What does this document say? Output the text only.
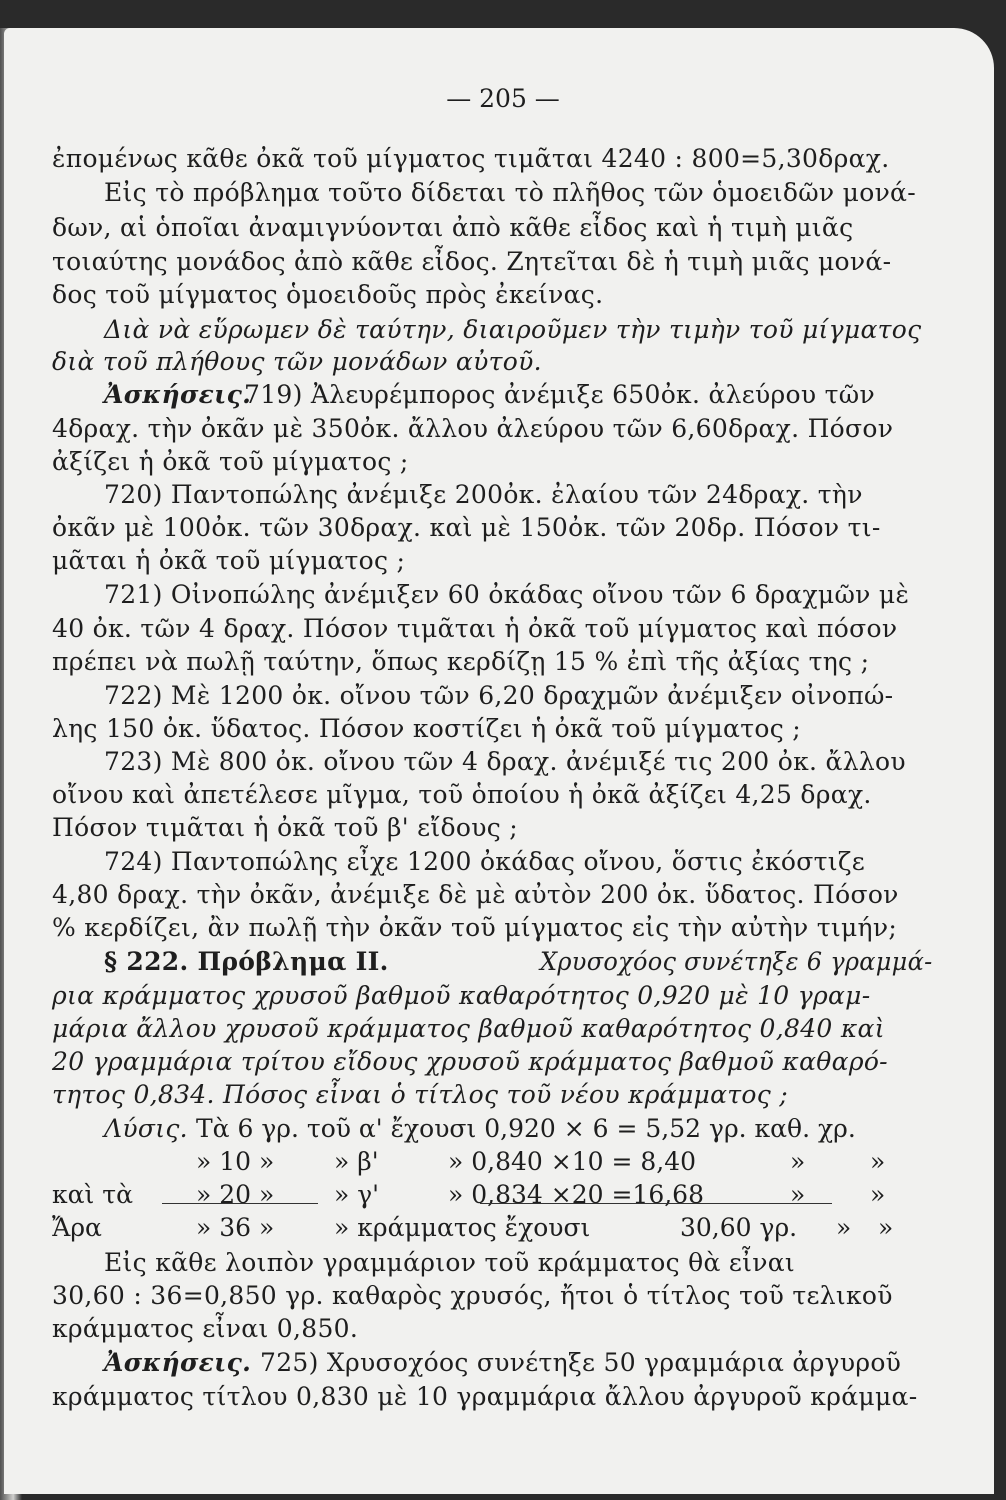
— 205 —
ἐπομένως κᾶθε ὀκᾶ τοῦ μίγματος τιμᾶται 4240 : 800=5,30δραχ.
Εἰς τὸ πρόβλημα τοῦτο δίδεται τὸ πλῆθος τῶν ὁμοειδῶν μονά-
δων, αἱ ὁποῖαι ἀναμιγνύονται ἀπὸ κᾶθε εἶδος καὶ ἡ τιμὴ μιᾶς
τοιαύτης μονάδος ἀπὸ κᾶθε εἶδος. Ζητεῖται δὲ ἡ τιμὴ μιᾶς μονά-
δος τοῦ μίγματος ὁμοειδοῦς πρὸς ἐκείνας.
Διὰ νὰ εὕρωμεν δὲ ταύτην, διαιροῦμεν τὴν τιμὴν τοῦ μίγματος
διὰ τοῦ πλήθους τῶν μονάδων αὐτοῦ.
Ἀσκήσεις.
719) Ἀλευρέμπορος ἀνέμιξε 650ὀκ. ἀλεύρου τῶν
4δραχ. τὴν ὀκᾶν μὲ 350ὀκ. ἄλλου ἀλεύρου τῶν 6,60δραχ. Πόσον
ἀξίζει ἡ ὀκᾶ τοῦ μίγματος ;
720) Παντοπώλης ἀνέμιξε 200ὀκ. ἐλαίου τῶν 24δραχ. τὴν
ὀκᾶν μὲ 100ὀκ. τῶν 30δραχ. καὶ μὲ 150ὀκ. τῶν 20δρ. Πόσον τι-
μᾶται ἡ ὀκᾶ τοῦ μίγματος ;
721) Οἰνοπώλης ἀνέμιξεν 60 ὀκάδας οἴνου τῶν 6 δραχμῶν μὲ
40 ὀκ. τῶν 4 δραχ. Πόσον τιμᾶται ἡ ὀκᾶ τοῦ μίγματος καὶ πόσον
πρέπει νὰ πωλῇ ταύτην, ὅπως κερδίζῃ 15 % ἐπὶ τῆς ἀξίας της ;
722) Μὲ 1200 ὀκ. οἴνου τῶν 6,20 δραχμῶν ἀνέμιξεν οἰνοπώ-
λης 150 ὀκ. ὕδατος. Πόσον κοστίζει ἡ ὀκᾶ τοῦ μίγματος ;
723) Μὲ 800 ὀκ. οἴνου τῶν 4 δραχ. ἀνέμιξέ τις 200 ὀκ. ἄλλου
οἴνου καὶ ἀπετέλεσε μῖγμα, τοῦ ὁποίου ἡ ὀκᾶ ἀξίζει 4,25 δραχ.
Πόσον τιμᾶται ἡ ὀκᾶ τοῦ β' εἴδους ;
724) Παντοπώλης εἶχε 1200 ὀκάδας οἴνου, ὅστις ἐκόστιζε
4,80 δραχ. τὴν ὀκᾶν, ἀνέμιξε δὲ μὲ αὐτὸν 200 ὀκ. ὕδατος. Πόσον
% κερδίζει, ἂν πωλῇ τὴν ὀκᾶν τοῦ μίγματος εἰς τὴν αὐτὴν τιμήν;
§ 222. Πρόβλημα II.	Χρυσοχόος συνέτηξε 6 γραμμά-
ρια κράμματος χρυσοῦ βαθμοῦ καθαρότητος 0,920 μὲ 10 γραμ-
μάρια ἄλλου χρυσοῦ κράμματος βαθμοῦ καθαρότητος 0,840 καὶ
20 γραμμάρια τρίτου εἴδους χρυσοῦ κράμματος βαθμοῦ καθαρό-
τητος 0,834. Πόσος εἶναι ὁ τίτλος τοῦ νέου κράμματος ;
Λύσις. Τὰ 6 γρ. τοῦ α' ἔχουσι 0,920 × 6 = 5,52 γρ. καθ. χρ.
» 10 » » β'	» 0,840 ×10 = 8,40	»	»
καὶ τὰ	» 20 » » γ'	» 0,834 ×20 =16,68	»	»
Ἄρα	» 36 » » κράμματος ἔχουσι	30,60 γρ. » »
Εἰς κᾶθε λοιπὸν γραμμάριον τοῦ κράμματος θὰ εἶναι
30,60 : 36=0,850 γρ. καθαρὸς χρυσός, ἤτοι ὁ τίτλος τοῦ τελικοῦ
κράμματος εἶναι 0,850.
Ἀσκήσεις. 725) Χρυσοχόος συνέτηξε 50 γραμμάρια ἀργυροῦ
κράμματος τίτλου 0,830 μὲ 10 γραμμάρια ἄλλου ἀργυροῦ κράμμα-
